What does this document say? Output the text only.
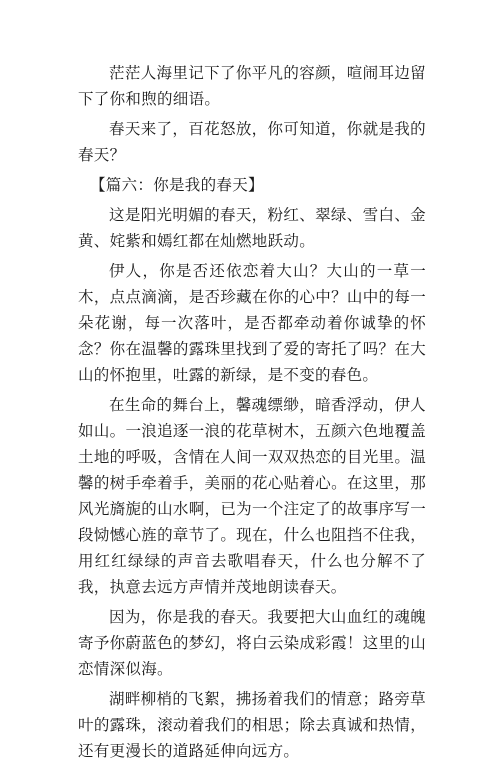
茫茫人海里记下了你平凡的容颜，喧闹耳边留下了你和煦的细语。

春天来了，百花怒放，你可知道，你就是我的春天？

【篇六：你是我的春天】

这是阳光明媚的春天，粉红、翠绿、雪白、金黄、姹紫和嫣红都在灿燃地跃动。

伊人，你是否还依恋着大山？大山的一草一木，点点滴滴，是否珍藏在你的心中？山中的每一朵花谢，每一次落叶，是否都牵动着你诚挚的怀念？你在温馨的露珠里找到了爱的寄托了吗？在大山的怀抱里，吐露的新绿，是不变的春色。

在生命的舞台上，馨魂缥缈，暗香浮动，伊人如山。一浪追逐一浪的花草树木，五颜六色地覆盖土地的呼吸，含情在人间一双双热恋的目光里。温馨的树手牵着手，美丽的花心贴着心。在这里，那风光旖旎的山水啊，已为一个注定了的故事序写一段恸憾心旌的章节了。现在，什么也阻挡不住我，用红红绿绿的声音去歌唱春天，什么也分解不了我，执意去远方声情并茂地朗读春天。

因为，你是我的春天。我要把大山血红的魂魄寄予你蔚蓝色的梦幻，将白云染成彩霞！这里的山恋情深似海。

湖畔柳梢的飞絮，拂扬着我们的情意；路旁草叶的露珠，滚动着我们的相思；除去真诚和热情，还有更漫长的道路延伸向远方。
